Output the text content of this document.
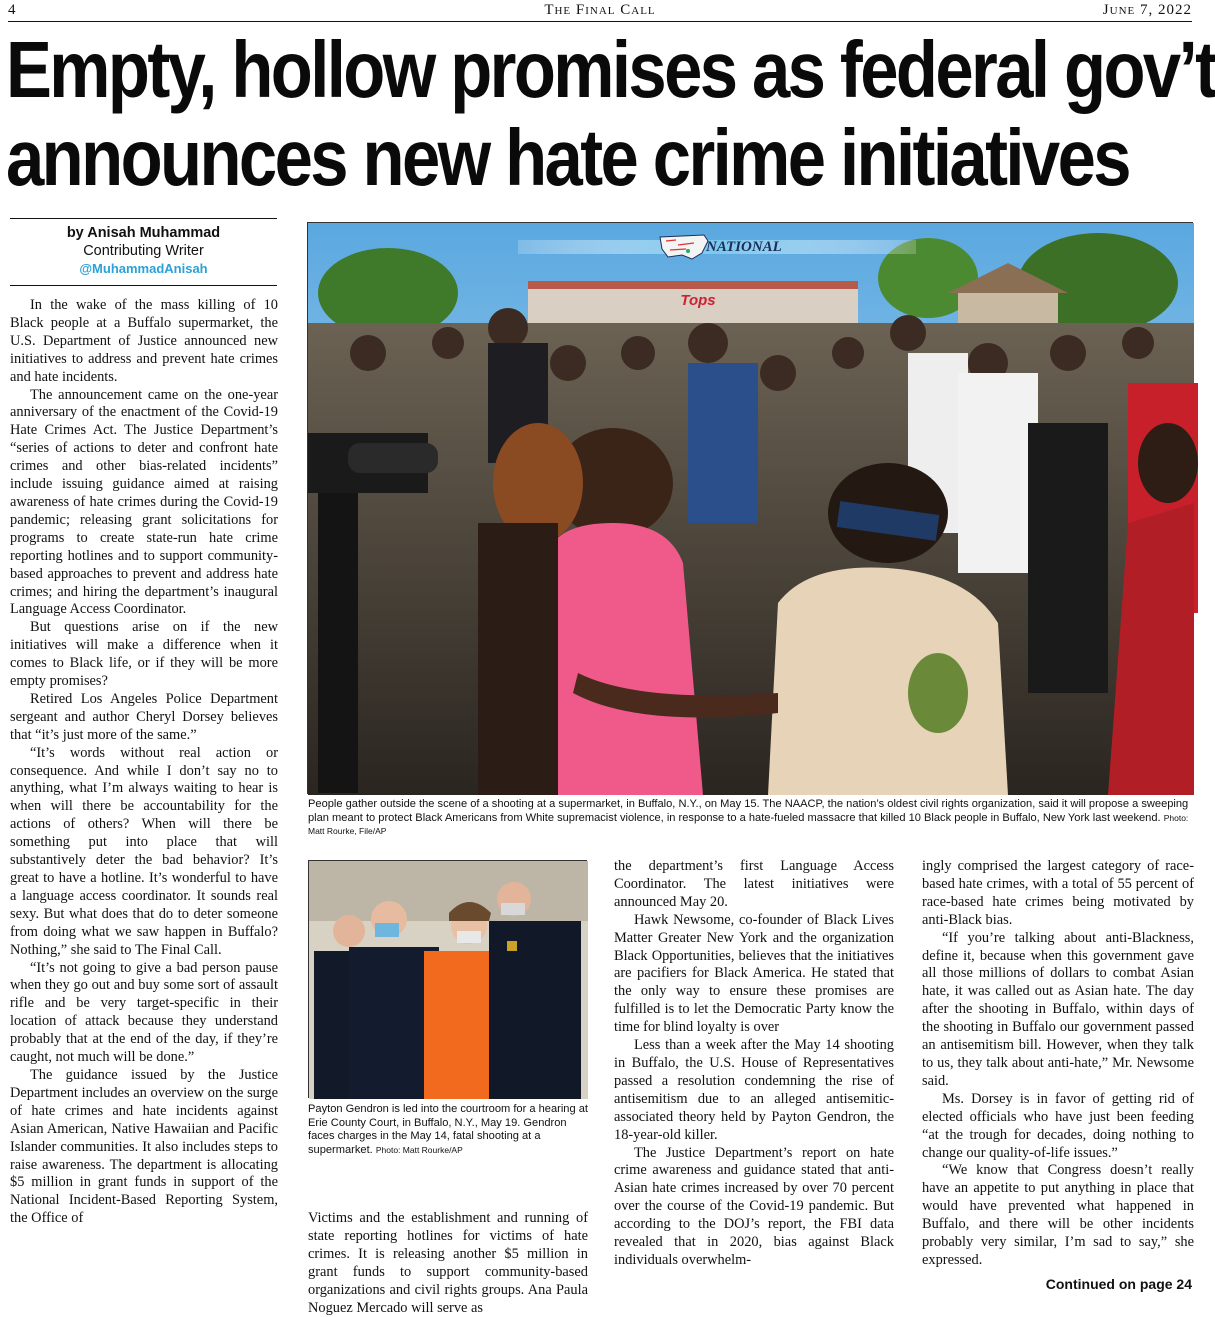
4	The Final Call	June 7, 2022
Empty, hollow promises as federal gov’t
announces new hate crime initiatives
by Anisah Muhammad
Contributing Writer
@MuhammadAnisah

In the wake of the mass killing of 10 Black people at a Buffalo supermarket, the U.S. Department of Justice announced new initiatives to address and prevent hate crimes and hate incidents.

The announcement came on the one-year anniversary of the enactment of the Covid-19 Hate Crimes Act. The Justice Department’s “series of actions to deter and confront hate crimes and other bias-related incidents” include issuing guidance aimed at raising awareness of hate crimes during the Covid-19 pandemic; releasing grant solicitations for programs to create state-run hate crime reporting hotlines and to support community-based approaches to prevent and address hate crimes; and hiring the department’s inaugural Language Access Coordinator.

But questions arise on if the new initiatives will make a difference when it comes to Black life, or if they will be more empty promises?

Retired Los Angeles Police Department sergeant and author Cheryl Dorsey believes that “it’s just more of the same.”

“It’s words without real action or consequence. And while I don’t say no to anything, what I’m always waiting to hear is when will there be accountability for the actions of others? When will there be something put into place that will substantively deter the bad behavior? It’s great to have a hotline. It’s wonderful to have a language access coordinator. It sounds real sexy. But what does that do to deter someone from doing what we saw happen in Buffalo? Nothing,” she said to The Final Call.

“It’s not going to give a bad person pause when they go out and buy some sort of assault rifle and be very target-specific in their location of attack because they understand probably that at the end of the day, if they’re caught, not much will be done.”

The guidance issued by the Justice Department includes an overview on the surge of hate crimes and hate incidents against Asian American, Native Hawaiian and Pacific Islander communities. It also includes steps to raise awareness. The department is allocating $5 million in grant funds in support of the National Incident-Based Reporting System, the Office of

Tops
NATIONAL
People gather outside the scene of a shooting at a supermarket, in Buffalo, N.Y., on May 15. The NAACP, the nation’s oldest civil rights organization, said it will propose a sweeping plan meant to protect Black Americans from White supremacist violence, in response to a hate-fueled massacre that killed 10 Black people in Buffalo, New York last weekend. Photo: Matt Rourke, File/AP
Payton Gendron is led into the courtroom for a hearing at Erie County Court, in Buffalo, N.Y., May 19. Gendron faces charges in the May 14, fatal shooting at a supermarket. Photo: Matt Rourke/AP

Victims and the establishment and running of state reporting hotlines for victims of hate crimes. It is releasing another $5 million in grant funds to support community-based organizations and civil rights groups. Ana Paula Noguez Mercado will serve as

the department’s first Language Access Coordinator. The latest initiatives were announced May 20.

Hawk Newsome, co-founder of Black Lives Matter Greater New York and the organization Black Opportunities, believes that the initiatives are pacifiers for Black America. He stated that the only way to ensure these promises are fulfilled is to let the Democratic Party know the time for blind loyalty is over

Less than a week after the May 14 shooting in Buffalo, the U.S. House of Representatives passed a resolution condemning the rise of antisemitism due to an alleged antisemitic-associated theory held by Payton Gendron, the 18-year-old killer.

The Justice Department’s report on hate crime awareness and guidance stated that anti-Asian hate crimes increased by over 70 percent over the course of the Covid-19 pandemic. But according to the DOJ’s report, the FBI data revealed that in 2020, bias against Black individuals overwhelm-

ingly comprised the largest category of race-based hate crimes, with a total of 55 percent of race-based hate crimes being motivated by anti-Black bias.

“If you’re talking about anti-Blackness, define it, because when this government gave all those millions of dollars to combat Asian hate, it was called out as Asian hate. The day after the shooting in Buffalo, within days of the shooting in Buffalo our government passed an antisemitism bill. However, when they talk to us, they talk about anti-hate,” Mr. Newsome said.

Ms. Dorsey is in favor of getting rid of elected officials who have just been feeding “at the trough for decades, doing nothing to change our quality-of-life issues.”

“We know that Congress doesn’t really have an appetite to put anything in place that would have prevented what happened in Buffalo, and there will be other incidents probably very similar, I’m sad to say,” she expressed.

Continued on page 24
